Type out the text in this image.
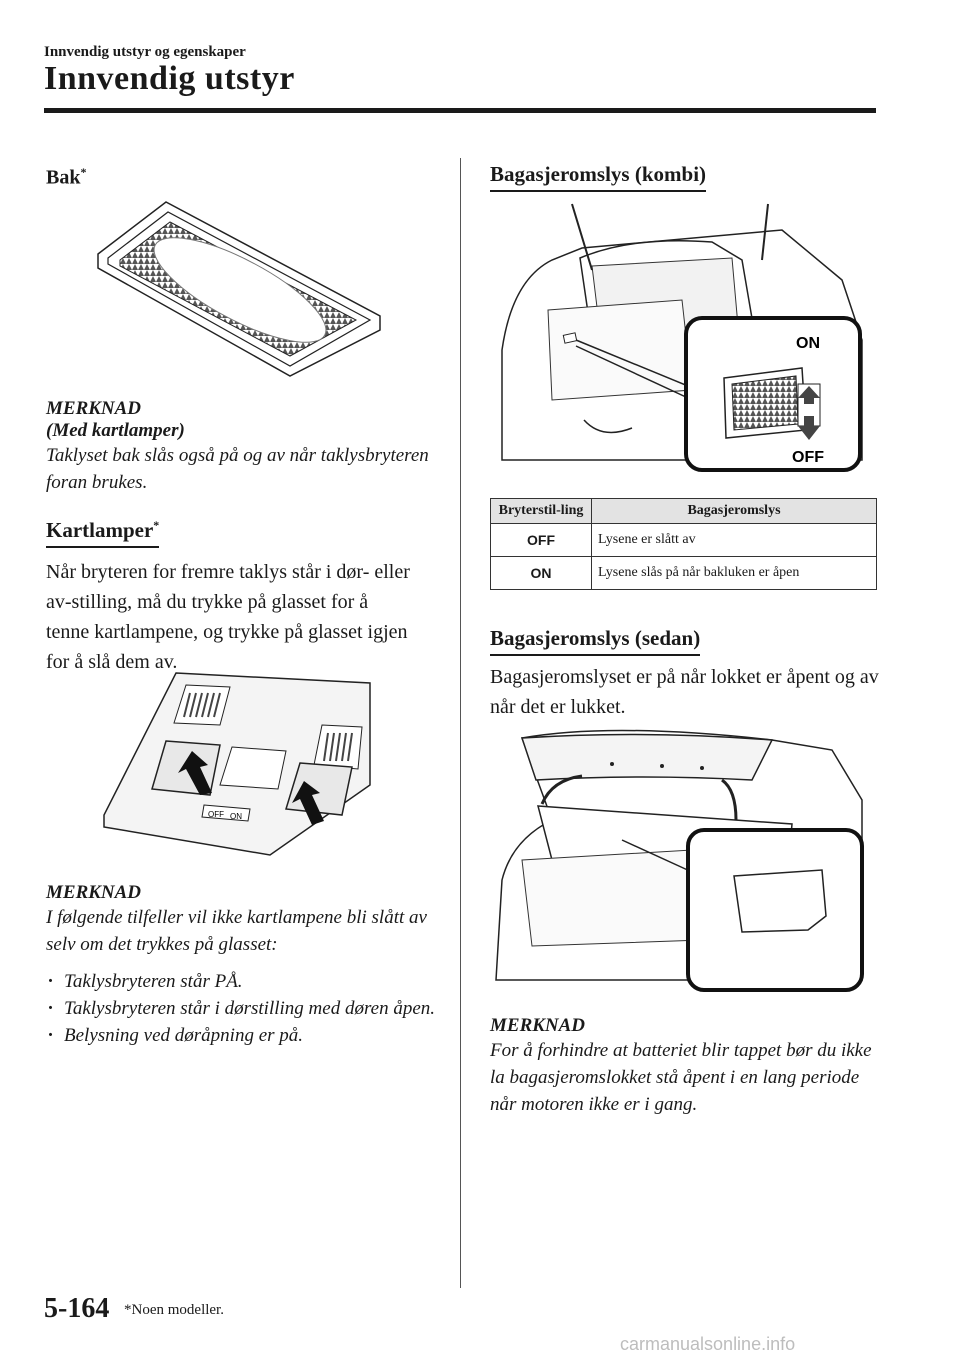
Innvendig utstyr og egenskaper
Innvendig utstyr
Bak*
MERKNAD
(Med kartlamper)
Taklyset bak slås også på og av når taklysbryteren foran brukes.
Kartlamper*
Når bryteren for fremre taklys står i dør- eller av-stilling, må du trykke på glasset for å tenne kartlampene, og trykke på glasset igjen for å slå dem av.
OFF ON
MERKNAD
I følgende tilfeller vil ikke kartlampene bli slått av selv om det trykkes på glasset:
· Taklysbryteren står PÅ.
· Taklysbryteren står i dørstilling med døren åpen.
· Belysning ved døråpning er på.
Bagasjeromslys (kombi)
ON
OFF
Bryterstil-ling	Bagasjeromslys
OFF	Lysene er slått av
ON	Lysene slås på når bakluken er åpen
Bagasjeromslys (sedan)
Bagasjeromslyset er på når lokket er åpent og av når det er lukket.
MERKNAD
For å forhindre at batteriet blir tappet bør du ikke la bagasjeromslokket stå åpent i en lang periode når motoren ikke er i gang.
5-164 *Noen modeller.
carmanualsonline.info
